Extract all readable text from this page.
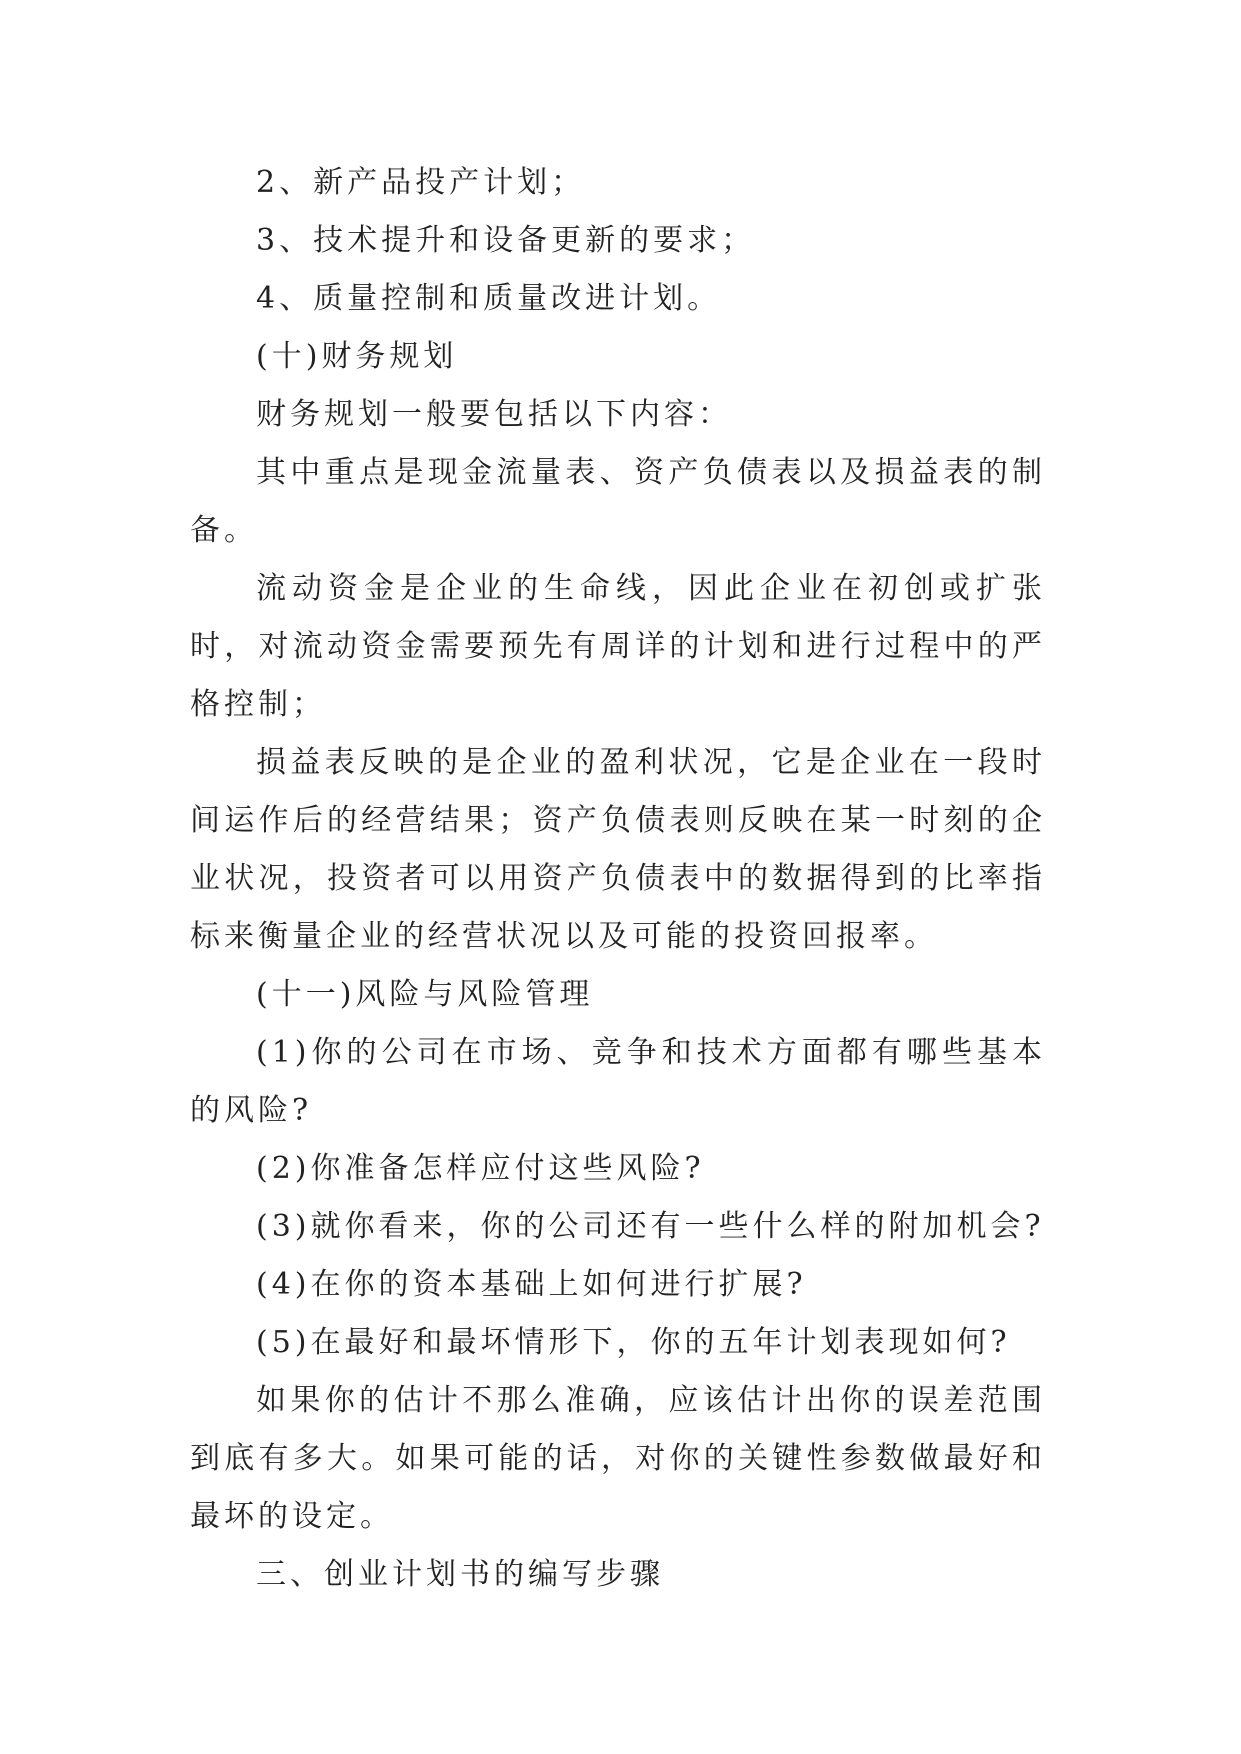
2、新产品投产计划；

3、技术提升和设备更新的要求；

4、质量控制和质量改进计划。

(十)财务规划

财务规划一般要包括以下内容：

其中重点是现金流量表、资产负债表以及损益表的制备。

流动资金是企业的生命线，因此企业在初创或扩张时，对流动资金需要预先有周详的计划和进行过程中的严格控制；

损益表反映的是企业的盈利状况，它是企业在一段时间运作后的经营结果；资产负债表则反映在某一时刻的企业状况，投资者可以用资产负债表中的数据得到的比率指标来衡量企业的经营状况以及可能的投资回报率。

(十一)风险与风险管理

(1)你的公司在市场、竞争和技术方面都有哪些基本的风险?

(2)你准备怎样应付这些风险?

(3)就你看来，你的公司还有一些什么样的附加机会?

(4)在你的资本基础上如何进行扩展?

(5)在最好和最坏情形下，你的五年计划表现如何?

如果你的估计不那么准确，应该估计出你的误差范围到底有多大。如果可能的话，对你的关键性参数做最好和最坏的设定。

三、创业计划书的编写步骤
